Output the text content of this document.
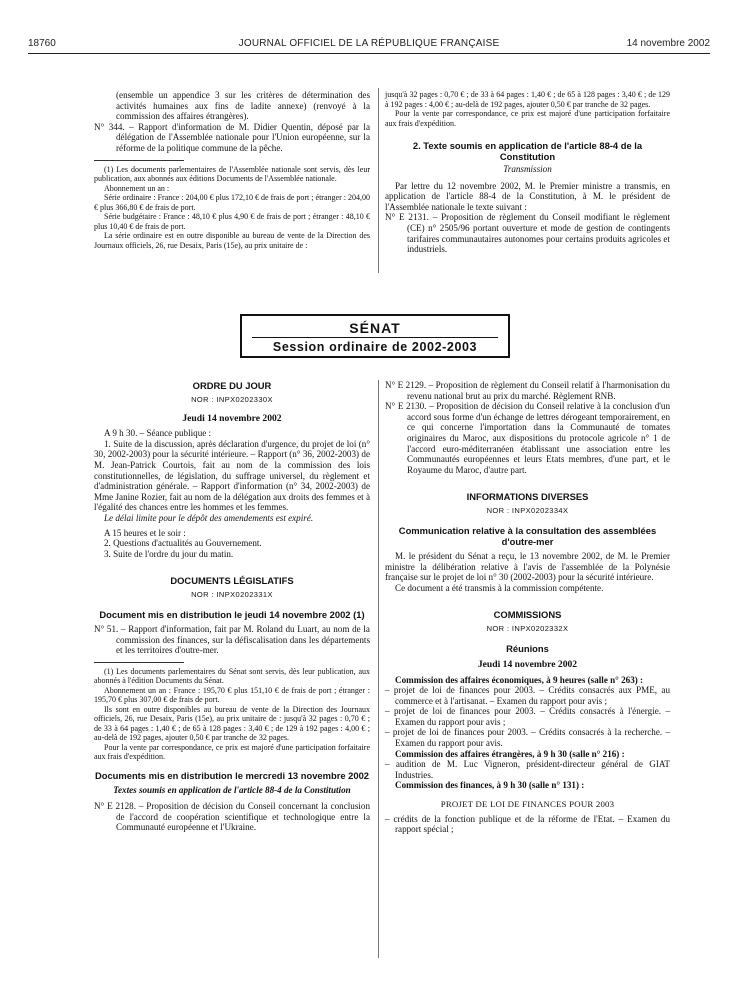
18760	JOURNAL OFFICIEL DE LA RÉPUBLIQUE FRANÇAISE	14 novembre 2002

(ensemble un appendice 3 sur les critères de détermination des activités humaines aux fins de ladite annexe) (renvoyé à la commission des affaires étrangères).

N° 344. – Rapport d'information de M. Didier Quentin, déposé par la délégation de l'Assemblée nationale pour l'Union européenne, sur la réforme de la politique commune de la pêche.

(1) Les documents parlementaires de l'Assemblée nationale sont servis, dès leur publication, aux abonnés aux éditions Documents de l'Assemblée nationale.

Abonnement un an :

Série ordinaire : France : 204,00 € plus 172,10 € de frais de port ; étranger : 204,00 € plus 366,80 € de frais de port.

Série budgétaire : France : 48,10 € plus 4,90 € de frais de port ; étranger : 48,10 € plus 10,40 € de frais de port.

La série ordinaire est en outre disponible au bureau de vente de la Direction des Journaux officiels, 26, rue Desaix, Paris (15e), au prix unitaire de :

jusqu'à 32 pages : 0,70 € ; de 33 à 64 pages : 1,40 € ; de 65 à 128 pages : 3,40 € ; de 129 à 192 pages : 4,00 € ; au-delà de 192 pages, ajouter 0,50 € par tranche de 32 pages.

Pour la vente par correspondance, ce prix est majoré d'une participation forfaitaire aux frais d'expédition.

2. Texte soumis en application de l'article 88-4 de la Constitution

Transmission

Par lettre du 12 novembre 2002, M. le Premier ministre a transmis, en application de l'article 88-4 de la Constitution, à M. le président de l'Assemblée nationale le texte suivant :

N° E 2131. – Proposition de règlement du Conseil modifiant le règlement (CE) n° 2505/96 portant ouverture et mode de gestion de contingents tarifaires communautaires autonomes pour certains produits agricoles et industriels.

SÉNAT
Session ordinaire de 2002-2003

ORDRE DU JOUR

NOR : INPX0202330X

Jeudi 14 novembre 2002

A 9 h 30. – Séance publique :

1. Suite de la discussion, après déclaration d'urgence, du projet de loi (n° 30, 2002-2003) pour la sécurité intérieure. – Rapport (n° 36, 2002-2003) de M. Jean-Patrick Courtois, fait au nom de la commission des lois constitutionnelles, de législation, du suffrage universel, du règlement et d'administration générale. – Rapport d'information (n° 34, 2002-2003) de Mme Janine Rozier, fait au nom de la délégation aux droits des femmes et à l'égalité des chances entre les hommes et les femmes.

Le délai limite pour le dépôt des amendements est expiré.

A 15 heures et le soir :

2. Questions d'actualités au Gouvernement.

3. Suite de l'ordre du jour du matin.

DOCUMENTS LÉGISLATIFS

NOR : INPX0202331X

Document mis en distribution le jeudi 14 novembre 2002 (1)

N° 51. – Rapport d'information, fait par M. Roland du Luart, au nom de la commission des finances, sur la défiscalisation dans les départements et les territoires d'outre-mer.

(1) Les documents parlementaires du Sénat sont servis, dès leur publication, aux abonnés à l'édition Documents du Sénat.

Abonnement un an : France : 195,70 € plus 151,10 € de frais de port ; étranger : 195,70 € plus 307,00 € de frais de port.

Ils sont en outre disponibles au bureau de vente de la Direction des Journaux officiels, 26, rue Desaix, Paris (15e), au prix unitaire de : jusqu'à 32 pages : 0,70 € ; de 33 à 64 pages : 1,40 € ; de 65 à 128 pages : 3,40 € ; de 129 à 192 pages : 4,00 € ; au-delà de 192 pages, ajouter 0,50 € par tranche de 32 pages.

Pour la vente par correspondance, ce prix est majoré d'une participation forfaitaire aux frais d'expédition.

Documents mis en distribution le mercredi 13 novembre 2002

Textes soumis en application de l'article 88-4 de la Constitution

N° E 2128. – Proposition de décision du Conseil concernant la conclusion de l'accord de coopération scientifique et technologique entre la Communauté européenne et l'Ukraine.

N° E 2129. – Proposition de règlement du Conseil relatif à l'harmonisation du revenu national brut au prix du marché. Règlement RNB.

N° E 2130. – Proposition de décision du Conseil relative à la conclusion d'un accord sous forme d'un échange de lettres dérogeant temporairement, en ce qui concerne l'importation dans la Communauté de tomates originaires du Maroc, aux dispositions du protocole agricole n° 1 de l'accord euro-méditerranéen établissant une association entre les Communautés européennes et leurs Etats membres, d'une part, et le Royaume du Maroc, d'autre part.

INFORMATIONS DIVERSES

NOR : INPX0202334X

Communication relative à la consultation des assemblées d'outre-mer

M. le président du Sénat a reçu, le 13 novembre 2002, de M. le Premier ministre la délibération relative à l'avis de l'assemblée de la Polynésie française sur le projet de loi n° 30 (2002-2003) pour la sécurité intérieure.

Ce document a été transmis à la commission compétente.

COMMISSIONS

NOR : INPX0202332X

Réunions

Jeudi 14 novembre 2002

Commission des affaires économiques, à 9 heures (salle n° 263) :

– projet de loi de finances pour 2003. – Crédits consacrés aux PME, au commerce et à l'artisanat. – Examen du rapport pour avis ;

– projet de loi de finances pour 2003. – Crédits consacrés à l'énergie. – Examen du rapport pour avis ;

– projet de loi de finances pour 2003. – Crédits consacrés à la recherche. – Examen du rapport pour avis.

Commission des affaires étrangères, à 9 h 30 (salle n° 216) :

– audition de M. Luc Vigneron, président-directeur général de GIAT Industries.

Commission des finances, à 9 h 30 (salle n° 131) :

PROJET DE LOI DE FINANCES POUR 2003

– crédits de la fonction publique et de la réforme de l'Etat. – Examen du rapport spécial ;
